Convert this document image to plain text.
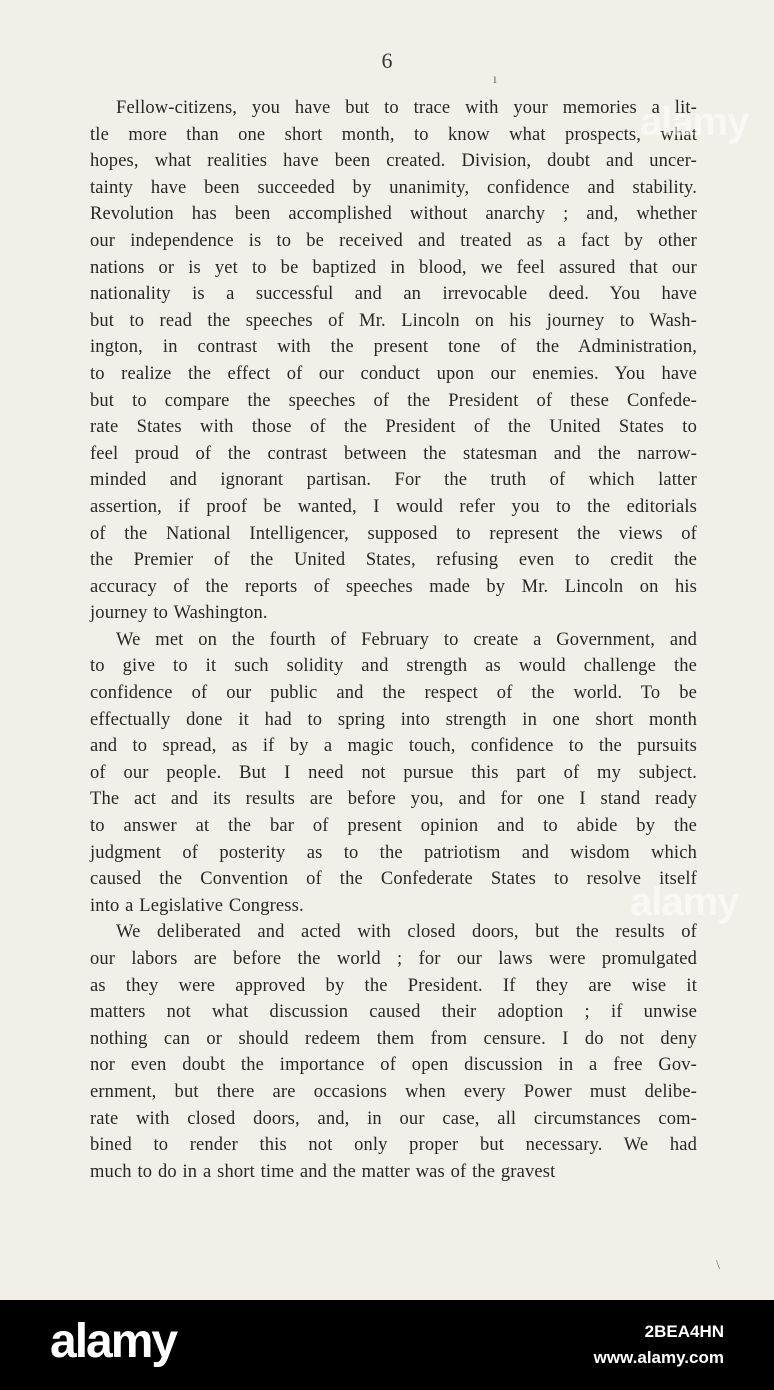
6
ı
\
Fellow-citizens, you have but to trace with your memories a lit-
tle more than one short month, to know what prospects, what
hopes, what realities have been created. Division, doubt and uncer-
tainty have been succeeded by unanimity, confidence and stability.
Revolution has been accomplished without anarchy ; and, whether
our independence is to be received and treated as a fact by other
nations or is yet to be baptized in blood, we feel assured that our
nationality is a successful and an irrevocable deed. You have
but to read the speeches of Mr. Lincoln on his journey to Wash-
ington, in contrast with the present tone of the Administration,
to realize the effect of our conduct upon our enemies. You have
but to compare the speeches of the President of these Confede-
rate States with those of the President of the United States to
feel proud of the contrast between the statesman and the narrow-
minded and ignorant partisan. For the truth of which latter
assertion, if proof be wanted, I would refer you to the editorials
of the National Intelligencer, supposed to represent the views of
the Premier of the United States, refusing even to credit the
accuracy of the reports of speeches made by Mr. Lincoln on his
journey to Washington.
We met on the fourth of February to create a Government, and
to give to it such solidity and strength as would challenge the
confidence of our public and the respect of the world. To be
effectually done it had to spring into strength in one short month
and to spread, as if by a magic touch, confidence to the pursuits
of our people. But I need not pursue this part of my subject.
The act and its results are before you, and for one I stand ready
to answer at the bar of present opinion and to abide by the
judgment of posterity as to the patriotism and wisdom which
caused the Convention of the Confederate States to resolve itself
into a Legislative Congress.
We deliberated and acted with closed doors, but the results of
our labors are before the world ; for our laws were promulgated
as they were approved by the President. If they are wise it
matters not what discussion caused their adoption ; if unwise
nothing can or should redeem them from censure. I do not deny
nor even doubt the importance of open discussion in a free Gov-
ernment, but there are occasions when every Power must delibe-
rate with closed doors, and, in our case, all circumstances com-
bined to render this not only proper but necessary. We had
much to do in a short time and the matter was of the gravest
alamy
alamy
alamy	2BEA4HN
www.alamy.com
